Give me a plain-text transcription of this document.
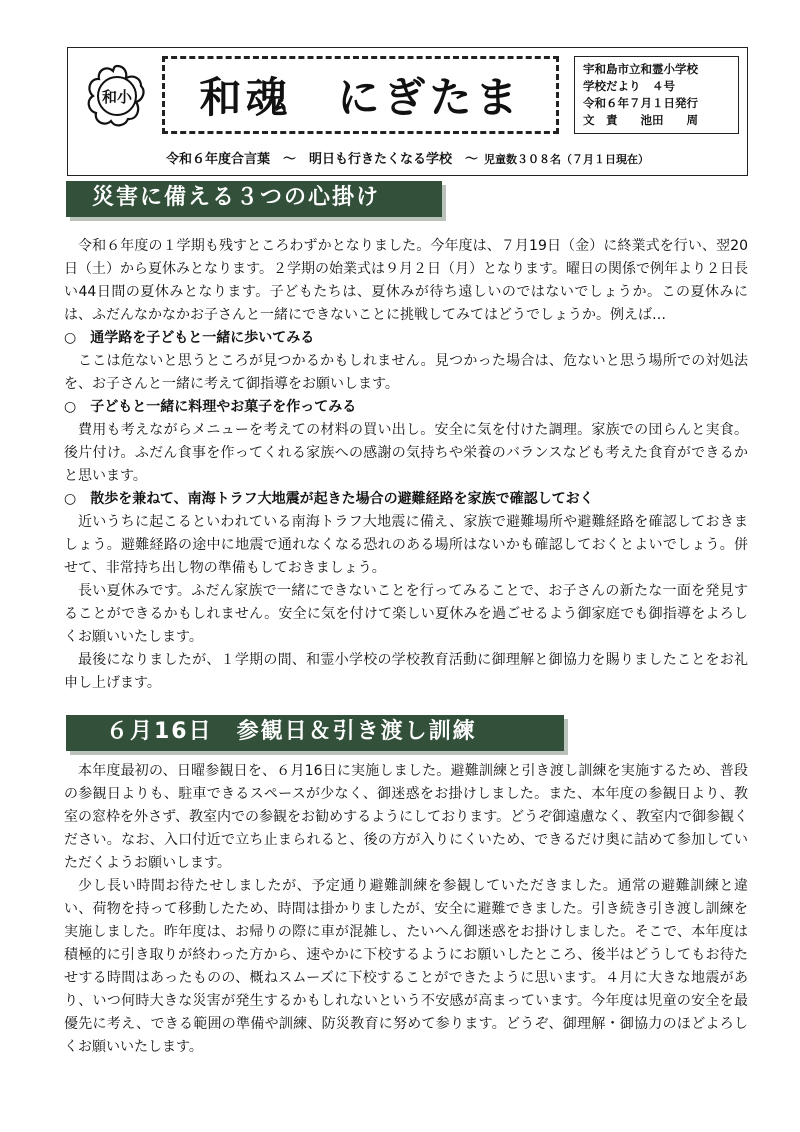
和小 和魂　にぎたま
宇和島市立和霊小学校
学校だより　４号
令和６年７月１日発行
文　責　　池田　　周
令和６年度合言葉　～　明日も行きたくなる学校　～ 児童数３０８名（７月１日現在）
災害に備える３つの心掛け

令和６年度の１学期も残すところわずかとなりました。今年度は、７月19日（金）に終業式を行い、翌20日（土）から夏休みとなります。２学期の始業式は９月２日（月）となります。曜日の関係で例年より２日長い44日間の夏休みとなります。子どもたちは、夏休みが待ち遠しいのではないでしょうか。この夏休みには、ふだんなかなかお子さんと一緒にできないことに挑戦してみてはどうでしょうか。例えば…

○　通学路を子どもと一緒に歩いてみる

ここは危ないと思うところが見つかるかもしれません。見つかった場合は、危ないと思う場所での対処法を、お子さんと一緒に考えて御指導をお願いします。

○　子どもと一緒に料理やお菓子を作ってみる

費用も考えながらメニューを考えての材料の買い出し。安全に気を付けた調理。家族での団らんと実食。後片付け。ふだん食事を作ってくれる家族への感謝の気持ちや栄養のバランスなども考えた食育ができるかと思います。

○　散歩を兼ねて、南海トラフ大地震が起きた場合の避難経路を家族で確認しておく

近いうちに起こるといわれている南海トラフ大地震に備え、家族で避難場所や避難経路を確認しておきましょう。避難経路の途中に地震で通れなくなる恐れのある場所はないかも確認しておくとよいでしょう。併せて、非常持ち出し物の準備もしておきましょう。

長い夏休みです。ふだん家族で一緒にできないことを行ってみることで、お子さんの新たな一面を発見することができるかもしれません。安全に気を付けて楽しい夏休みを過ごせるよう御家庭でも御指導をよろしくお願いいたします。

最後になりましたが、１学期の間、和霊小学校の学校教育活動に御理解と御協力を賜りましたことをお礼申し上げます。

６月16日　参観日＆引き渡し訓練

本年度最初の、日曜参観日を、６月16日に実施しました。避難訓練と引き渡し訓練を実施するため、普段の参観日よりも、駐車できるスペースが少なく、御迷惑をお掛けしました。また、本年度の参観日より、教室の窓枠を外さず、教室内での参観をお勧めするようにしております。どうぞ御遠慮なく、教室内で御参観ください。なお、入口付近で立ち止まられると、後の方が入りにくいため、できるだけ奥に詰めて参加していただくようお願いします。

少し長い時間お待たせしましたが、予定通り避難訓練を参観していただきました。通常の避難訓練と違い、荷物を持って移動したため、時間は掛かりましたが、安全に避難できました。引き続き引き渡し訓練を実施しました。昨年度は、お帰りの際に車が混雑し、たいへん御迷惑をお掛けしました。そこで、本年度は積極的に引き取りが終わった方から、速やかに下校するようにお願いしたところ、後半はどうしてもお待たせする時間はあったものの、概ねスムーズに下校することができたように思います。４月に大きな地震があり、いつ何時大きな災害が発生するかもしれないという不安感が高まっています。今年度は児童の安全を最優先に考え、できる範囲の準備や訓練、防災教育に努めて参ります。どうぞ、御理解・御協力のほどよろしくお願いいたします。
